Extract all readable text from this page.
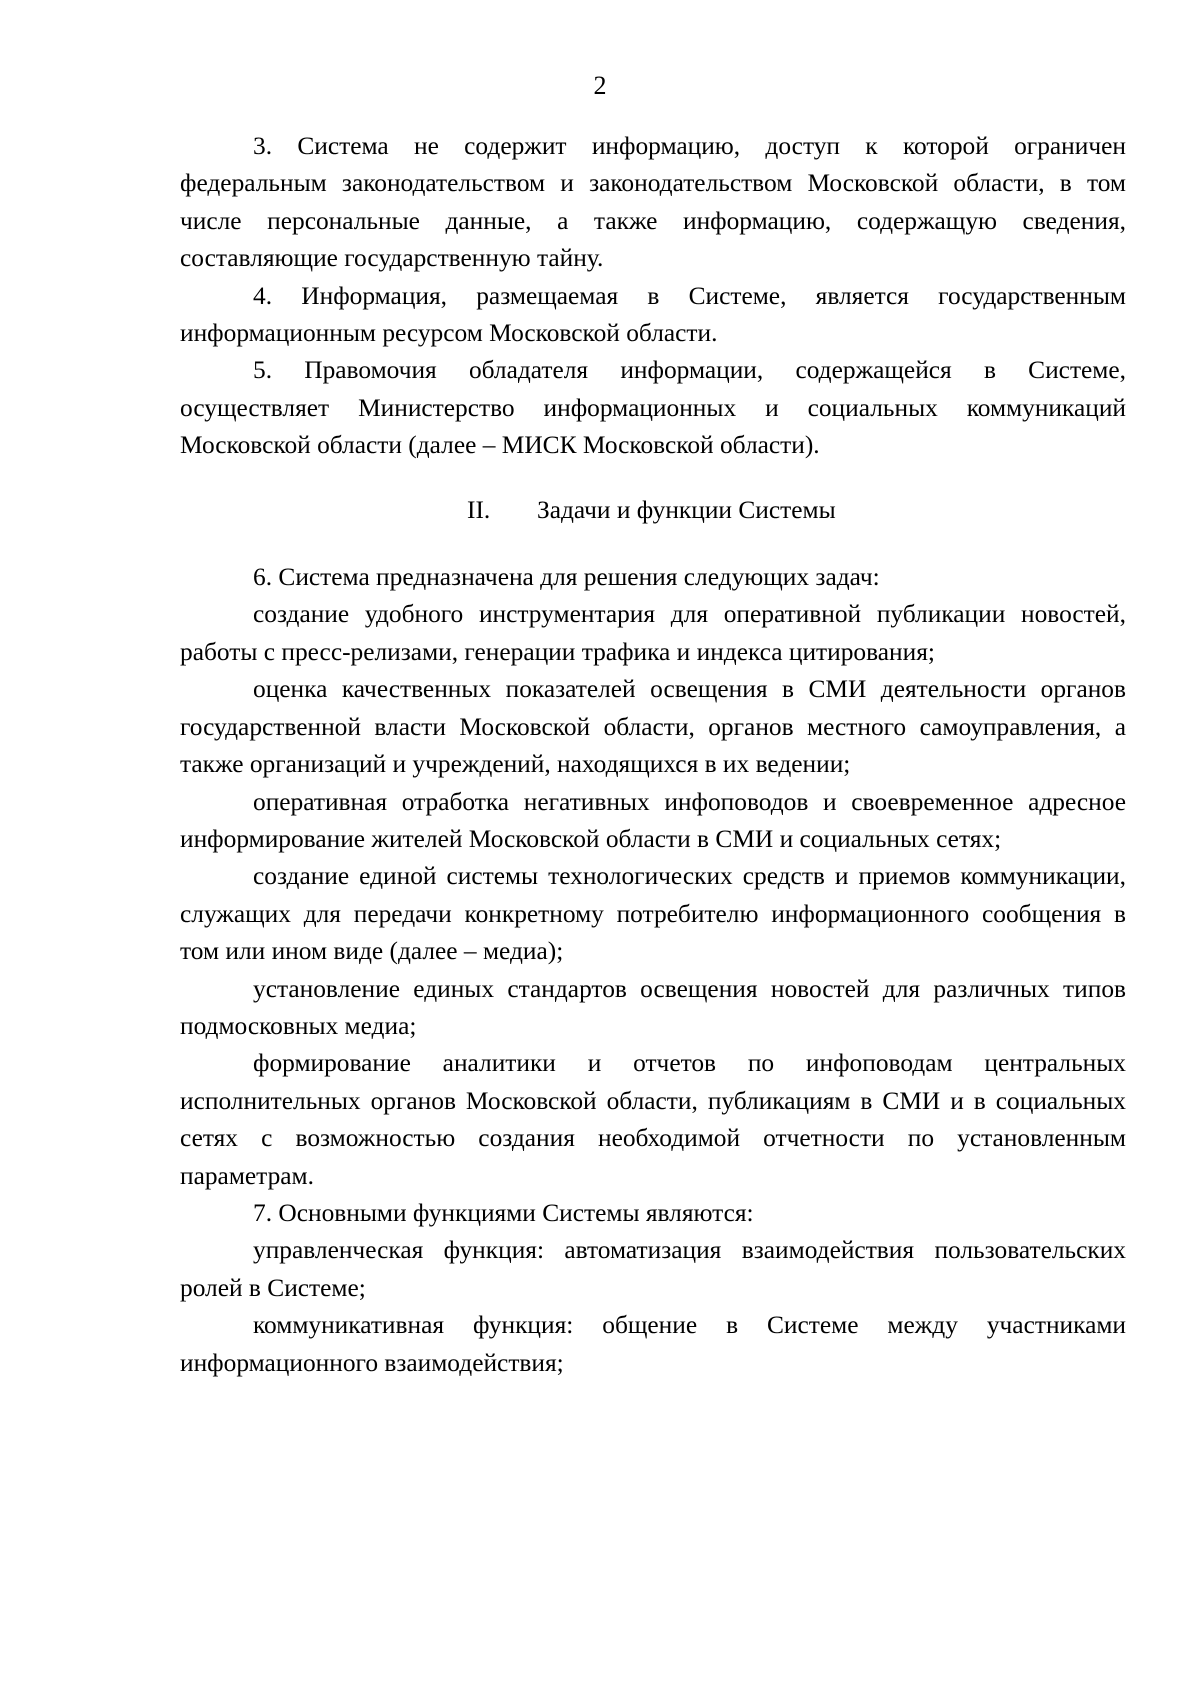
2

3. Система не содержит информацию, доступ к которой ограничен федеральным законодательством и законодательством Московской области, в том числе персональные данные, а также информацию, содержащую сведения, составляющие государственную тайну.

4. Информация, размещаемая в Системе, является государственным информационным ресурсом Московской области.

5. Правомочия обладателя информации, содержащейся в Системе, осуществляет Министерство информационных и социальных коммуникаций Московской области (далее – МИСК Московской области).

II. Задачи и функции Системы

6. Система предназначена для решения следующих задач:

создание удобного инструментария для оперативной публикации новостей, работы с пресс-релизами, генерации трафика и индекса цитирования;

оценка качественных показателей освещения в СМИ деятельности органов государственной власти Московской области, органов местного самоуправления, а также организаций и учреждений, находящихся в их ведении;

оперативная отработка негативных инфоповодов и своевременное адресное информирование жителей Московской области в СМИ и социальных сетях;

создание единой системы технологических средств и приемов коммуникации, служащих для передачи конкретному потребителю информационного сообщения в том или ином виде (далее – медиа);

установление единых стандартов освещения новостей для различных типов подмосковных медиа;

формирование аналитики и отчетов по инфоповодам центральных исполнительных органов Московской области, публикациям в СМИ и в социальных сетях с возможностью создания необходимой отчетности по установленным параметрам.

7. Основными функциями Системы являются:

управленческая функция: автоматизация взаимодействия пользовательских ролей в Системе;

коммуникативная функция: общение в Системе между участниками информационного взаимодействия;
